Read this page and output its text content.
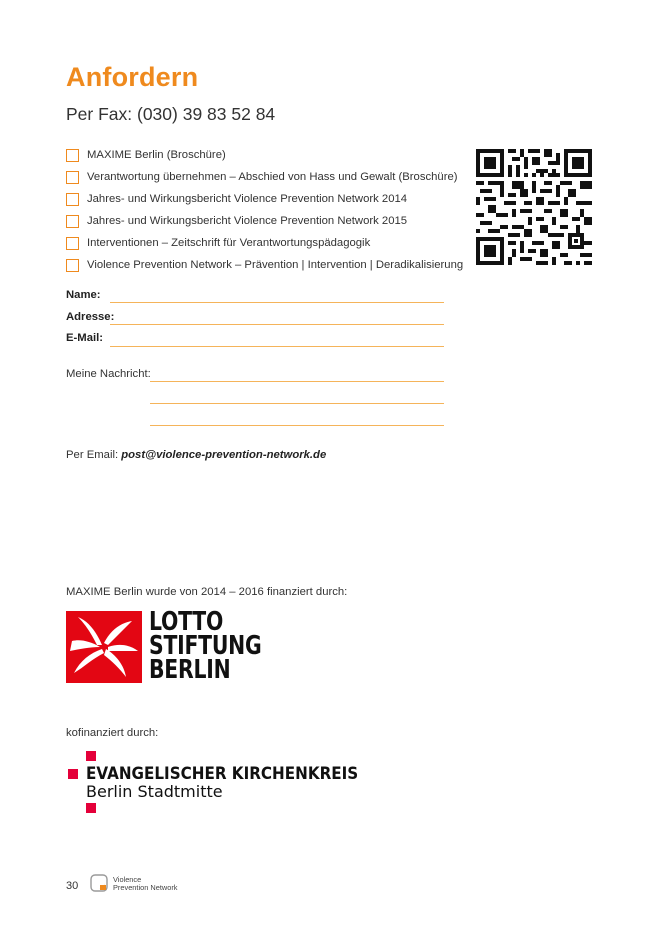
Anfordern
Per Fax: (030) 39 83 52 84
MAXIME Berlin (Broschüre)
Verantwortung übernehmen – Abschied von Hass und Gewalt (Broschüre)
Jahres- und Wirkungsbericht Violence Prevention Network 2014
Jahres- und Wirkungsbericht Violence Prevention Network 2015
Interventionen – Zeitschrift für Verantwortungspädagogik
Violence Prevention Network – Prävention | Intervention | Deradikalisierung
Name:
Adresse:
E-Mail:
Meine Nachricht:
Per Email: post@violence-prevention-network.de
MAXIME Berlin wurde von 2014 – 2016 finanziert durch:
LOTTO
STIFTUNG
BERLIN
kofinanziert durch:
EVANGELISCHER KIRCHENKREIS
Berlin Stadtmitte
30
Violence
Prevention Network
